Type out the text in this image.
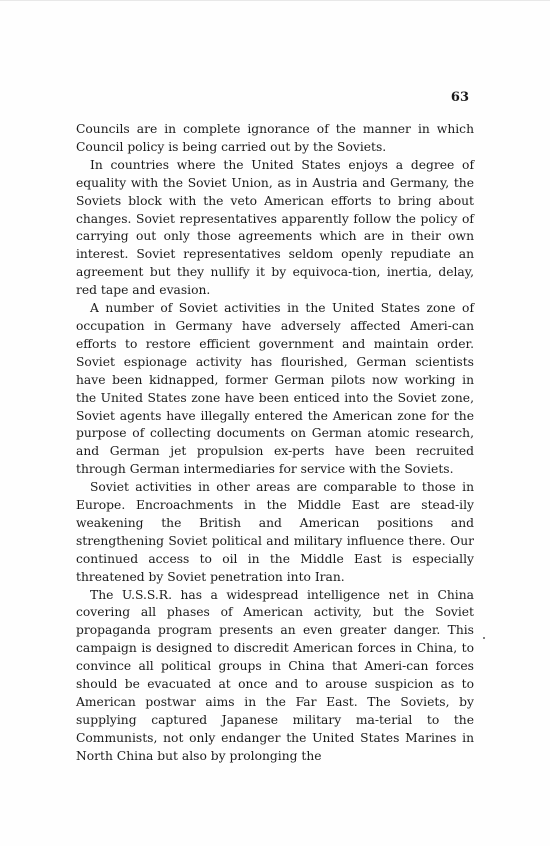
63

Councils are in complete ignorance of the manner in which Council policy is being carried out by the Soviets.

In countries where the United States enjoys a degree of equality with the Soviet Union, as in Austria and Germany, the Soviets block with the veto American efforts to bring about changes. Soviet representatives apparently follow the policy of carrying out only those agreements which are in their own interest. Soviet representatives seldom openly repudiate an agreement but they nullify it by equivoca-tion, inertia, delay, red tape and evasion.

A number of Soviet activities in the United States zone of occupation in Germany have adversely affected Ameri-can efforts to restore efficient government and maintain order. Soviet espionage activity has flourished, German scientists have been kidnapped, former German pilots now working in the United States zone have been enticed into the Soviet zone, Soviet agents have illegally entered the American zone for the purpose of collecting documents on German atomic research, and German jet propulsion ex-perts have been recruited through German intermediaries for service with the Soviets.

Soviet activities in other areas are comparable to those in Europe. Encroachments in the Middle East are stead-ily weakening the British and American positions and strengthening Soviet political and military influence there. Our continued access to oil in the Middle East is especially threatened by Soviet penetration into Iran.

The U.S.S.R. has a widespread intelligence net in China covering all phases of American activity, but the Soviet propaganda program presents an even greater danger. This campaign is designed to discredit American forces in China, to convince all political groups in China that Ameri-can forces should be evacuated at once and to arouse suspicion as to American postwar aims in the Far East. The Soviets, by supplying captured Japanese military ma-terial to the Communists, not only endanger the United States Marines in North China but also by prolonging the
